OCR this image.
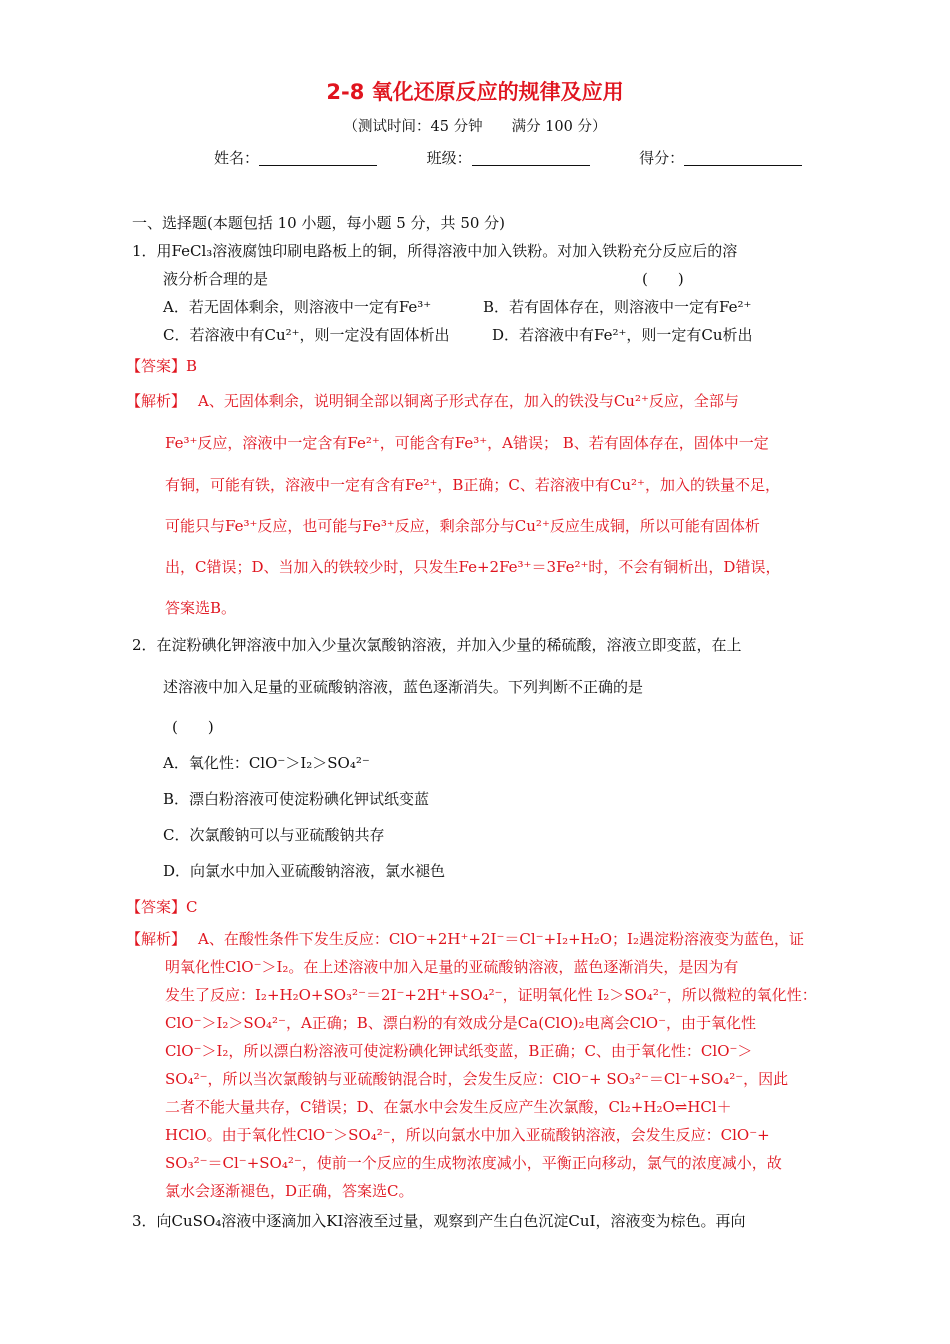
2-8 氧化还原反应的规律及应用
（测试时间：45 分钟　　满分 100 分）
姓名：	班级：	得分：
一、选择题(本题包括 10 小题，每小题 5 分，共 50 分)
1．用FeCl₃溶液腐蚀印刷电路板上的铜，所得溶液中加入铁粉。对加入铁粉充分反应后的溶
液分析合理的是	(　　)
A．若无固体剩余，则溶液中一定有Fe³⁺	B．若有固体存在，则溶液中一定有Fe²⁺
C．若溶液中有Cu²⁺，则一定没有固体析出	D．若溶液中有Fe²⁺，则一定有Cu析出
【答案】B
【解析】 A、无固体剩余，说明铜全部以铜离子形式存在，加入的铁没与Cu²⁺反应，全部与
Fe³⁺反应，溶液中一定含有Fe²⁺，可能含有Fe³⁺，A错误； B、若有固体存在，固体中一定
有铜，可能有铁，溶液中一定有含有Fe²⁺，B正确；C、若溶液中有Cu²⁺，加入的铁量不足，
可能只与Fe³⁺反应，也可能与Fe³⁺反应，剩余部分与Cu²⁺反应生成铜，所以可能有固体析
出，C错误；D、当加入的铁较少时，只发生Fe+2Fe³⁺＝3Fe²⁺时，不会有铜析出，D错误，
答案选B。
2．在淀粉碘化钾溶液中加入少量次氯酸钠溶液，并加入少量的稀硫酸，溶液立即变蓝，在上
述溶液中加入足量的亚硫酸钠溶液，蓝色逐渐消失。下列判断不正确的是
(　　)
A．氧化性：ClO⁻＞I₂＞SO₄²⁻
B．漂白粉溶液可使淀粉碘化钾试纸变蓝
C．次氯酸钠可以与亚硫酸钠共存
D．向氯水中加入亚硫酸钠溶液，氯水褪色
【答案】C
【解析】 A、在酸性条件下发生反应：ClO⁻+2H⁺+2I⁻＝Cl⁻+I₂+H₂O；I₂遇淀粉溶液变为蓝色，证
明氧化性ClO⁻＞I₂。在上述溶液中加入足量的亚硫酸钠溶液，蓝色逐渐消失，是因为有
发生了反应：I₂+H₂O+SO₃²⁻＝2I⁻+2H⁺+SO₄²⁻，证明氧化性 I₂＞SO₄²⁻，所以微粒的氧化性：
ClO⁻＞I₂＞SO₄²⁻，A正确；B、漂白粉的有效成分是Ca(ClO)₂电离会ClO⁻，由于氧化性
ClO⁻＞I₂，所以漂白粉溶液可使淀粉碘化钾试纸变蓝，B正确；C、由于氧化性：ClO⁻＞
SO₄²⁻，所以当次氯酸钠与亚硫酸钠混合时，会发生反应：ClO⁻+ SO₃²⁻＝Cl⁻+SO₄²⁻，因此
二者不能大量共存，C错误；D、在氯水中会发生反应产生次氯酸，Cl₂+H₂O⇌HCl＋
HClO。由于氧化性ClO⁻＞SO₄²⁻，所以向氯水中加入亚硫酸钠溶液，会发生反应：ClO⁻+
SO₃²⁻＝Cl⁻+SO₄²⁻，使前一个反应的生成物浓度减小，平衡正向移动，氯气的浓度减小，故
氯水会逐渐褪色，D正确，答案选C。
3．向CuSO₄溶液中逐滴加入KI溶液至过量，观察到产生白色沉淀CuI，溶液变为棕色。再向
